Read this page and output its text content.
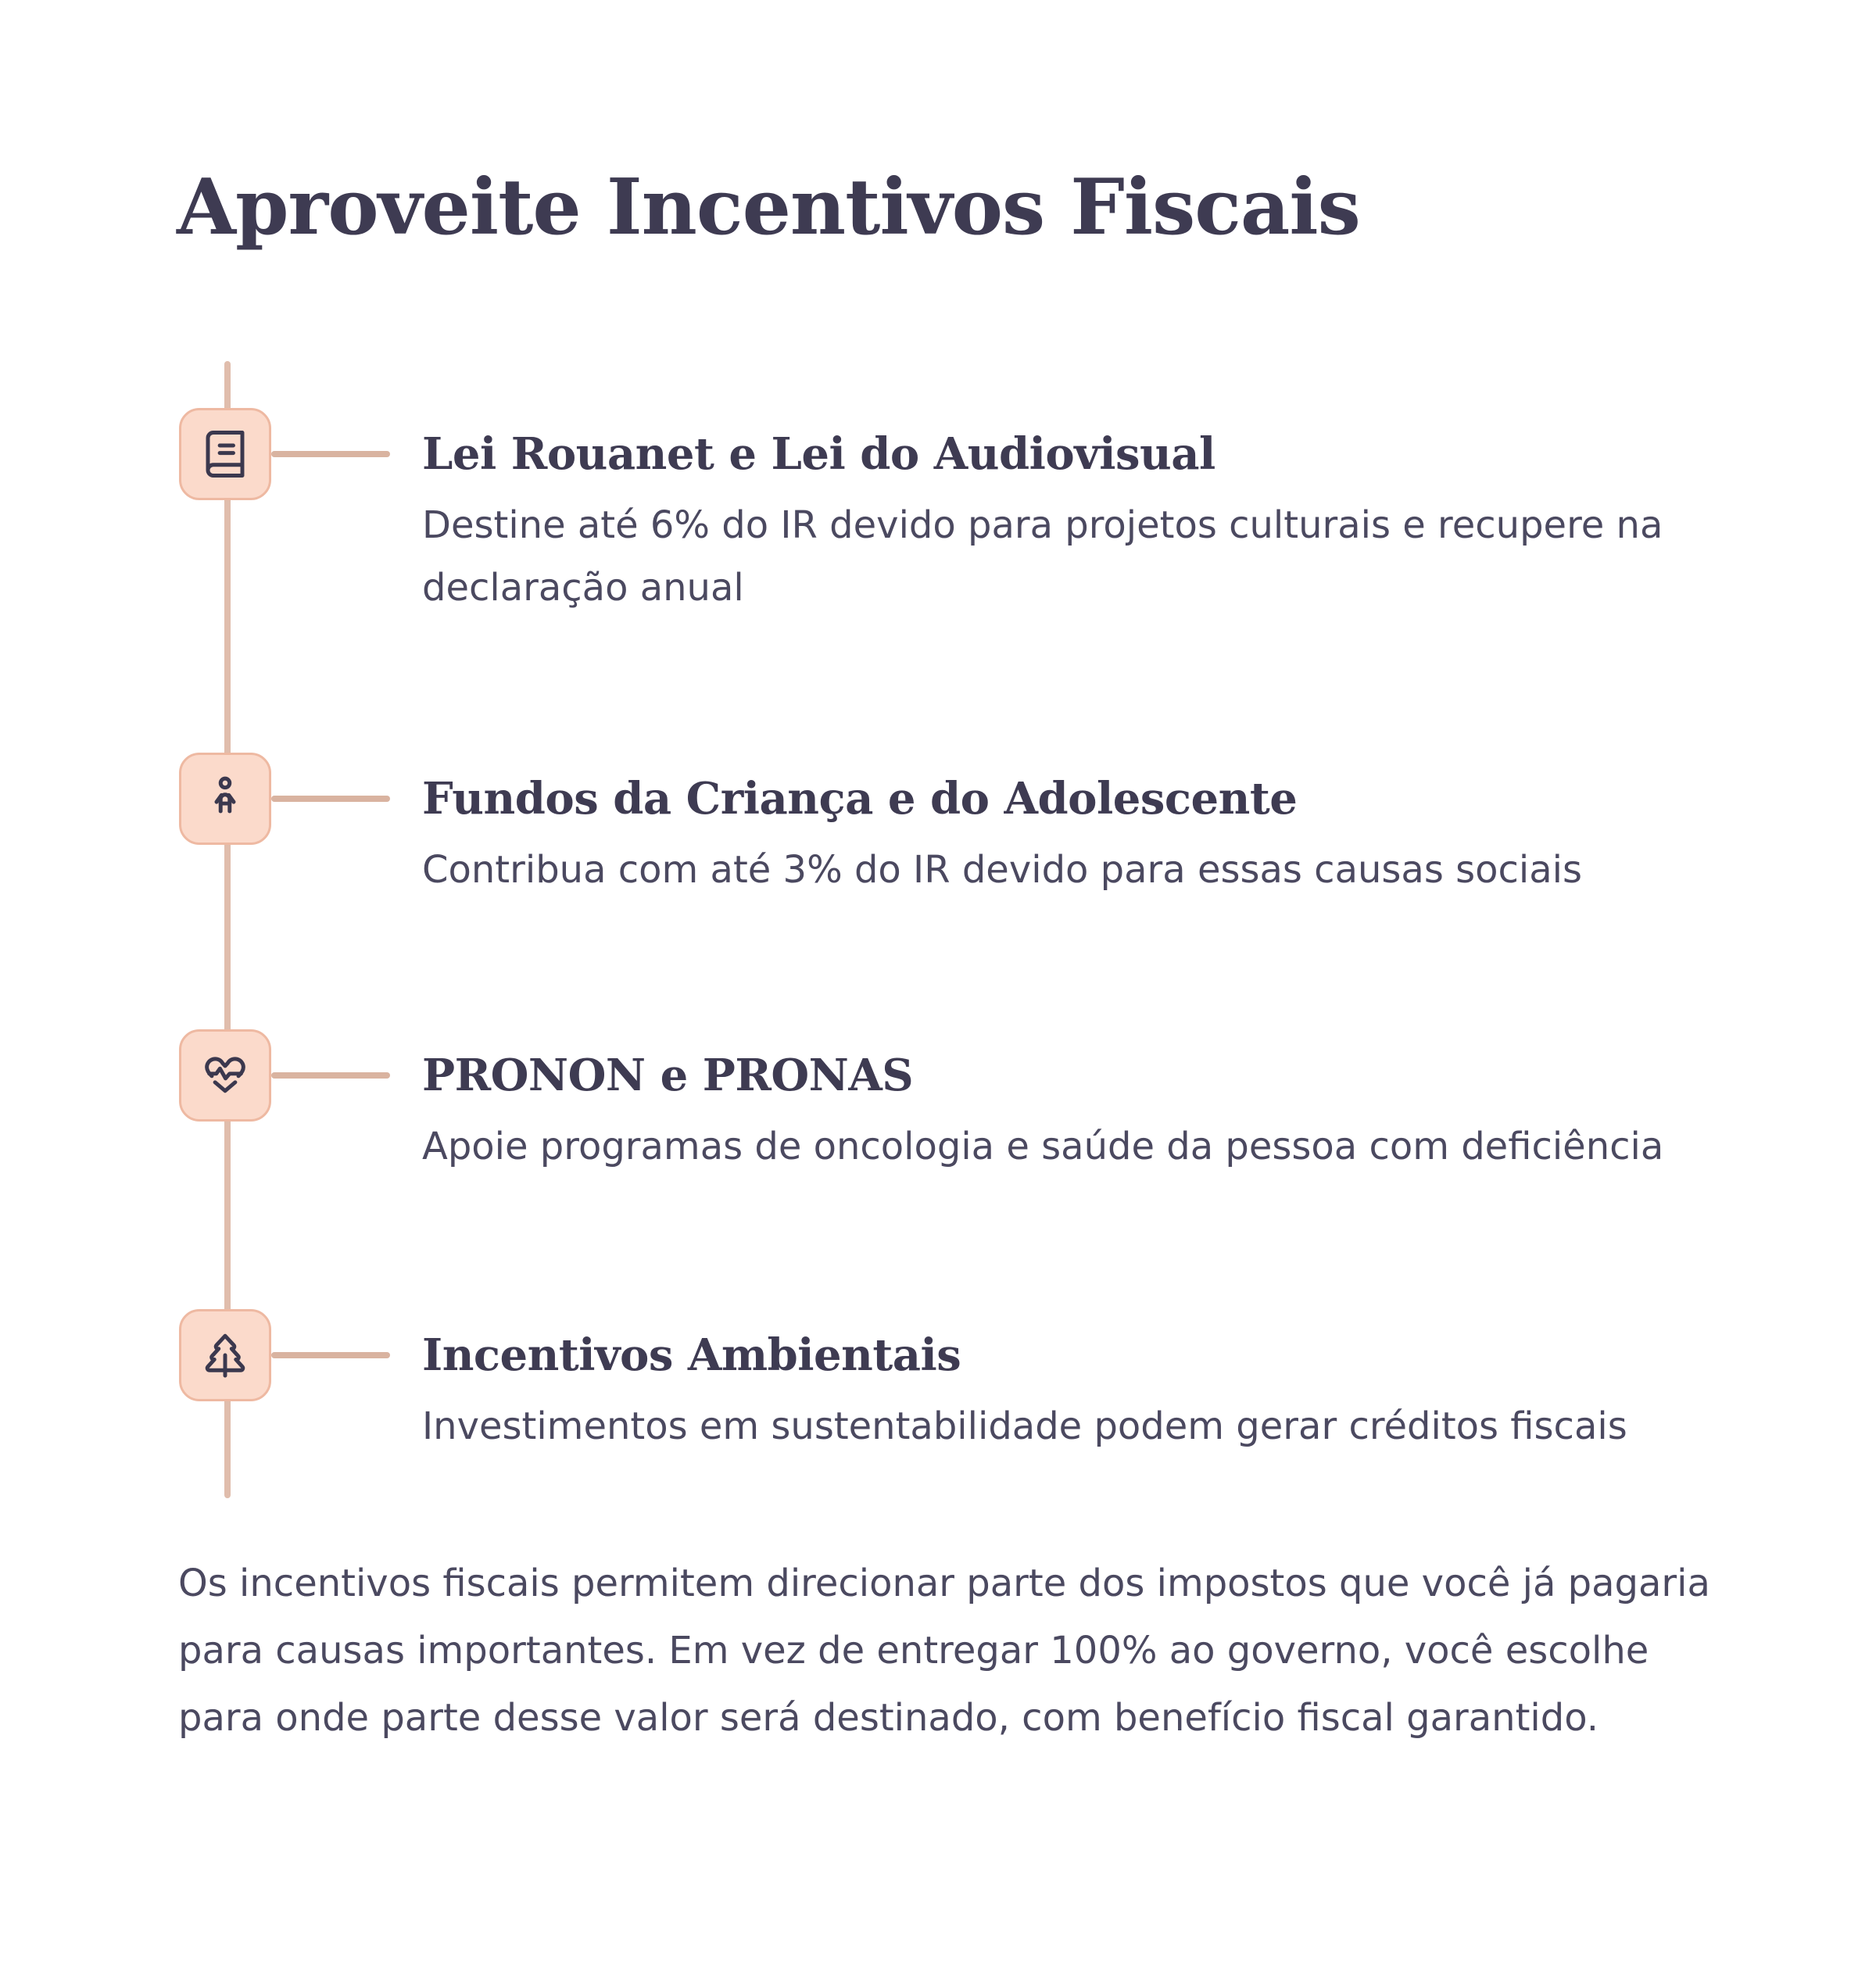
Aproveite Incentivos Fiscais
Lei Rouanet e Lei do Audiovisual

Destine até 6% do IR devido para projetos culturais e recupere na declaração anual

Fundos da Criança e do Adolescente

Contribua com até 3% do IR devido para essas causas sociais

PRONON e PRONAS

Apoie programas de oncologia e saúde da pessoa com deficiência

Incentivos Ambientais

Investimentos em sustentabilidade podem gerar créditos fiscais

Os incentivos fiscais permitem direcionar parte dos impostos que você já pagaria para causas importantes. Em vez de entregar 100% ao governo, você escolhe para onde parte desse valor será destinado, com benefício fiscal garantido.
